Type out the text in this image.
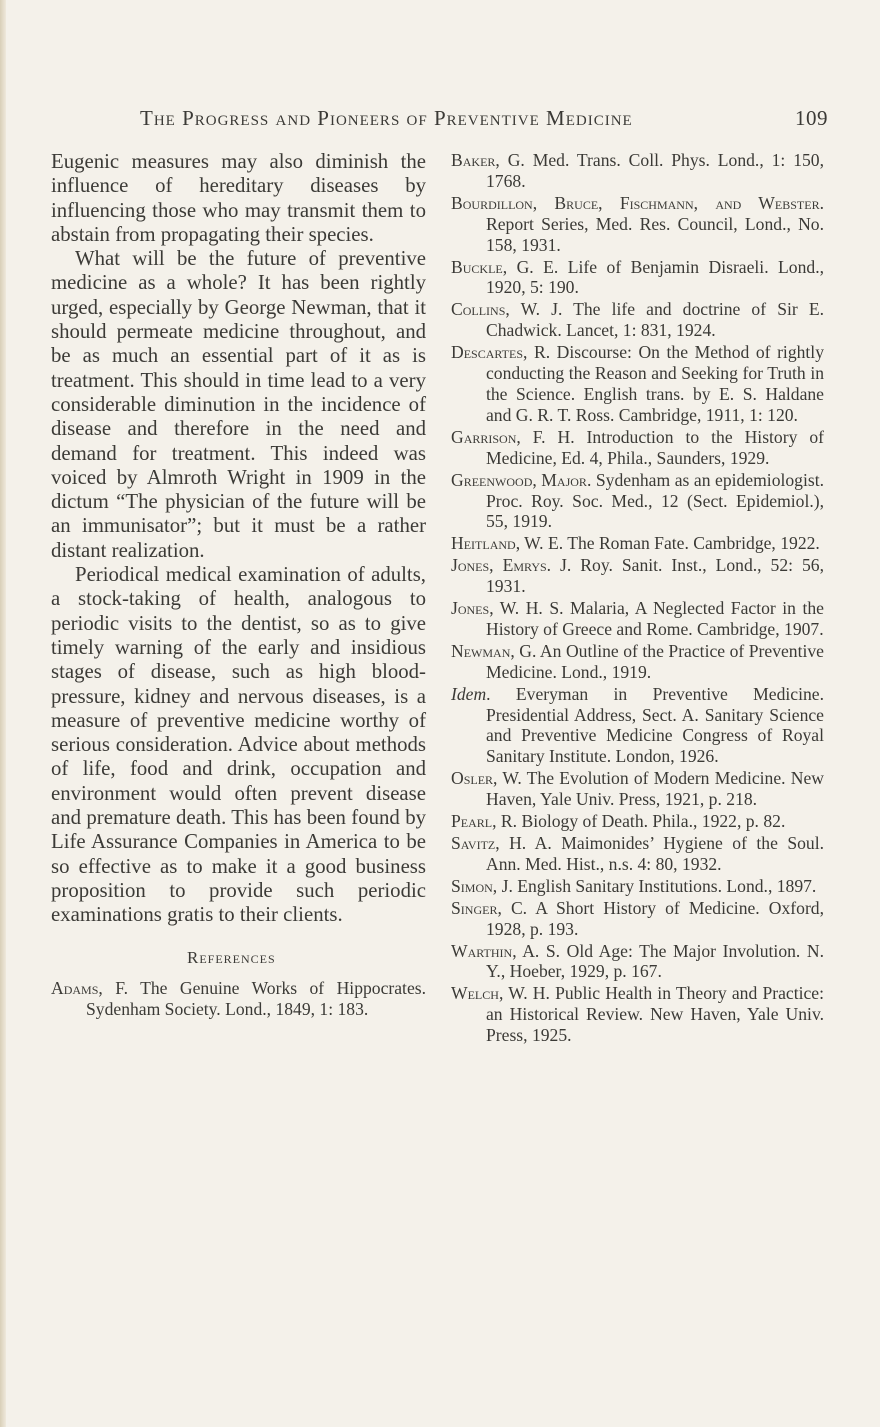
The Progress and Pioneers of Preventive Medicine	109

Eugenic measures may also diminish the influence of hereditary diseases by influencing those who may transmit them to abstain from propagating their species.

What will be the future of preventive medicine as a whole? It has been rightly urged, especially by George Newman, that it should permeate medicine throughout, and be as much an essential part of it as is treatment. This should in time lead to a very considerable diminution in the incidence of disease and therefore in the need and demand for treatment. This indeed was voiced by Almroth Wright in 1909 in the dictum “The physician of the future will be an immunisator”; but it must be a rather distant realization.

Periodical medical examination of adults, a stock-taking of health, analogous to periodic visits to the dentist, so as to give timely warning of the early and insidious stages of disease, such as high blood-pressure, kidney and nervous diseases, is a measure of preventive medicine worthy of serious consideration. Advice about methods of life, food and drink, occupation and environment would often prevent disease and premature death. This has been found by Life Assurance Companies in America to be so effective as to make it a good business proposition to provide such periodic examinations gratis to their clients.

References
Adams, F. The Genuine Works of Hippocrates. Sydenham Society. Lond., 1849, 1: 183.
Baker, G. Med. Trans. Coll. Phys. Lond., 1: 150, 1768.
Bourdillon, Bruce, Fischmann, and Webster. Report Series, Med. Res. Council, Lond., No. 158, 1931.
Buckle, G. E. Life of Benjamin Disraeli. Lond., 1920, 5: 190.
Collins, W. J. The life and doctrine of Sir E. Chadwick. Lancet, 1: 831, 1924.
Descartes, R. Discourse: On the Method of rightly conducting the Reason and Seeking for Truth in the Science. English trans. by E. S. Haldane and G. R. T. Ross. Cambridge, 1911, 1: 120.
Garrison, F. H. Introduction to the History of Medicine, Ed. 4, Phila., Saunders, 1929.
Greenwood, Major. Sydenham as an epidemiologist. Proc. Roy. Soc. Med., 12 (Sect. Epidemiol.), 55, 1919.
Heitland, W. E. The Roman Fate. Cambridge, 1922.
Jones, Emrys. J. Roy. Sanit. Inst., Lond., 52: 56, 1931.
Jones, W. H. S. Malaria, A Neglected Factor in the History of Greece and Rome. Cambridge, 1907.
Newman, G. An Outline of the Practice of Preventive Medicine. Lond., 1919.
Idem. Everyman in Preventive Medicine. Presidential Address, Sect. A. Sanitary Science and Preventive Medicine Congress of Royal Sanitary Institute. London, 1926.
Osler, W. The Evolution of Modern Medicine. New Haven, Yale Univ. Press, 1921, p. 218.
Pearl, R. Biology of Death. Phila., 1922, p. 82.
Savitz, H. A. Maimonides’ Hygiene of the Soul. Ann. Med. Hist., n.s. 4: 80, 1932.
Simon, J. English Sanitary Institutions. Lond., 1897.
Singer, C. A Short History of Medicine. Oxford, 1928, p. 193.
Warthin, A. S. Old Age: The Major Involution. N. Y., Hoeber, 1929, p. 167.
Welch, W. H. Public Health in Theory and Practice: an Historical Review. New Haven, Yale Univ. Press, 1925.
